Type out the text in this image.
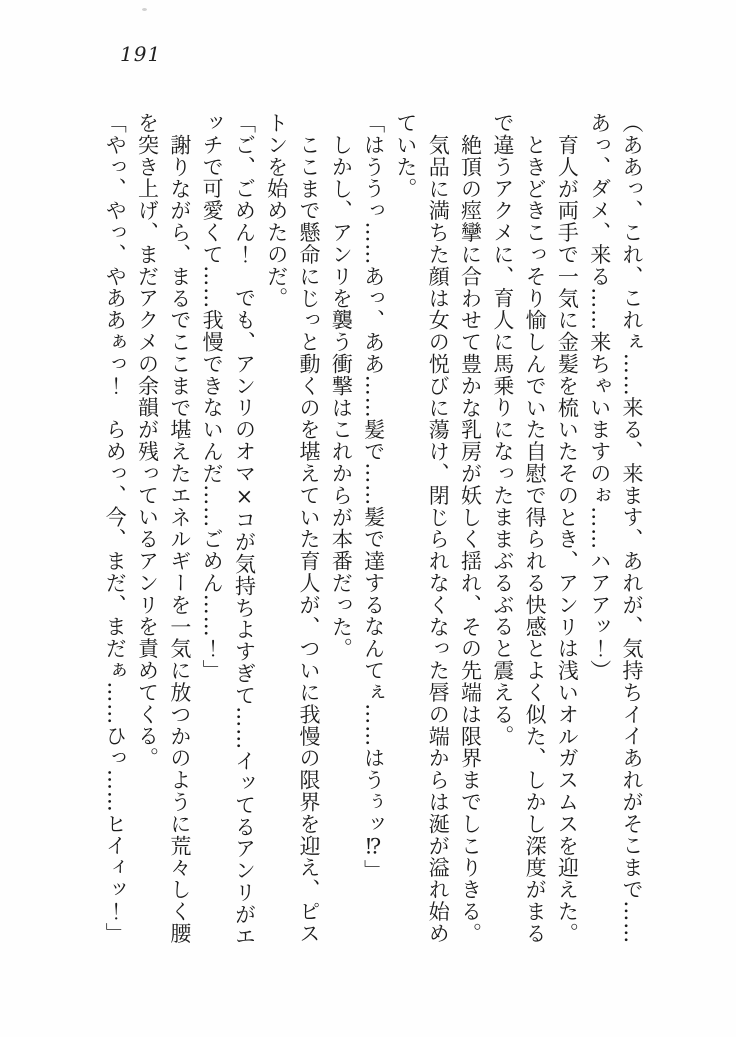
191
（ああっ、これ、これぇ……来る、来ます、あれが、気持ちイイあれがそこまで……
あっ、ダメ、来る……来ちゃいますのぉ……ハアアッ！）
育人が両手で一気に金髪を梳いたそのとき、アンリは浅いオルガスムスを迎えた。
ときどきこっそり愉しんでいた自慰で得られる快感とよく似た、しかし深度がまる
で違うアクメに、育人に馬乗りになったままぶるぶると震える。
絶頂の痙攣に合わせて豊かな乳房が妖しく揺れ、その先端は限界までしこりきる。
気品に満ちた顔は女の悦びに蕩け、閉じられなくなった唇の端からは涎が溢れ始め
ていた。
「はううっ……あっ、ああ……髪で……髪で達するなんてぇ……はうぅッ⁉」
しかし、アンリを襲う衝撃はこれからが本番だった。
ここまで懸命にじっと動くのを堪えていた育人が、ついに我慢の限界を迎え、ピス
トンを始めたのだ。
「ご、ごめん！　でも、アンリのオマ×コが気持ちよすぎて……イッてるアンリがエ
ッチで可愛くて……我慢できないんだ……ごめん……！」
謝りながら、まるでここまで堪えたエネルギーを一気に放つかのように荒々しく腰
を突き上げ、まだアクメの余韻が残っているアンリを責めてくる。
「やっ、やっ、やああぁっ！　らめっ、今、まだ、まだぁ……ひっ……ヒイィッ！」
